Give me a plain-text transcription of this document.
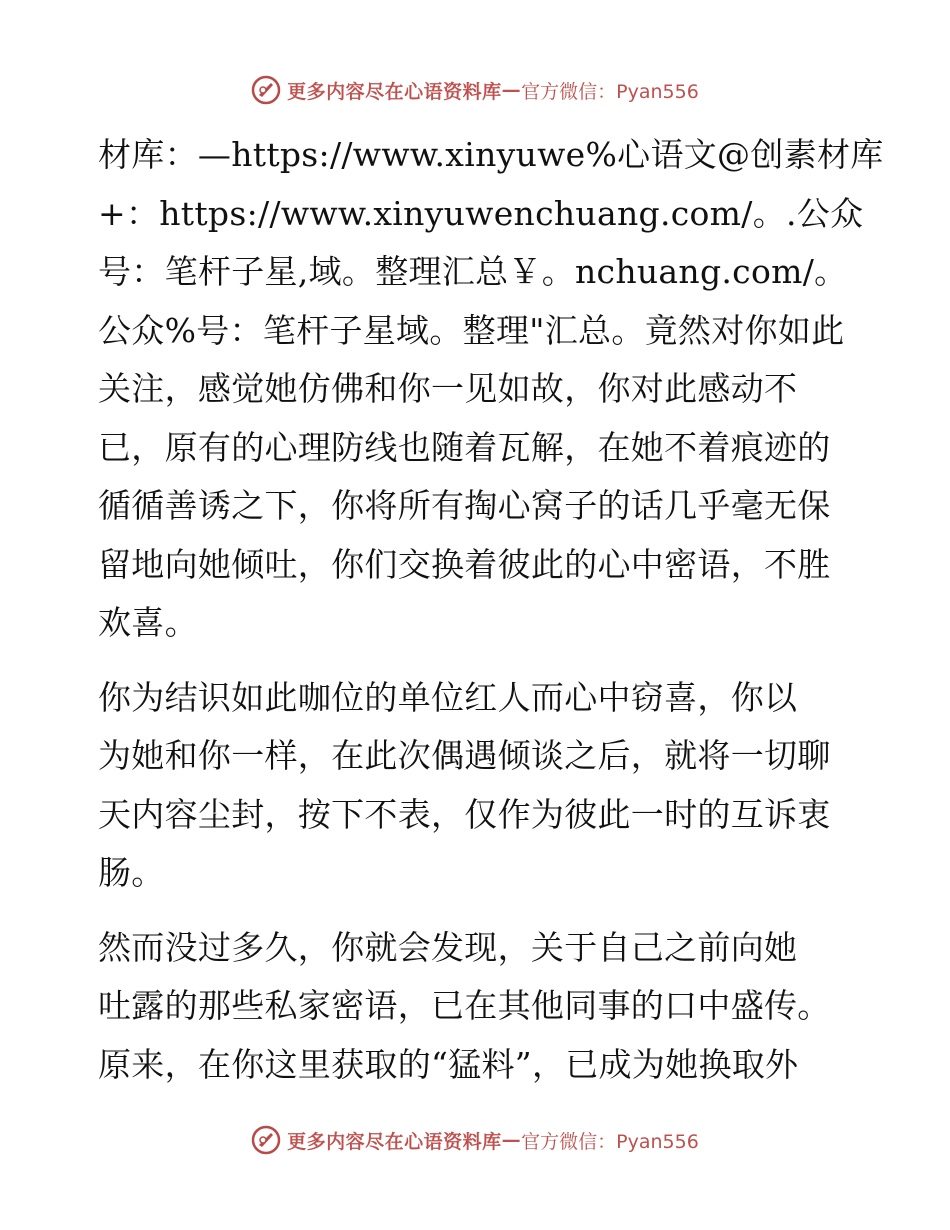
更多内容尽在心语资料库 — 官方微信：Pyan556

材库：—https://www.xinyuwe%心语文@创素材库
+：https://www.xinyuwenchuang.com/。.公众
号：笔杆子星,域。整理汇总￥。nchuang.com/。
公众%号：笔杆子星域。整理"汇总。竟然对你如此
关注，感觉她仿佛和你一见如故，你对此感动不
已，原有的心理防线也随着瓦解，在她不着痕迹的
循循善诱之下，你将所有掏心窝子的话几乎毫无保
留地向她倾吐，你们交换着彼此的心中密语，不胜
欢喜。

你为结识如此咖位的单位红人而心中窃喜，你以
为她和你一样，在此次偶遇倾谈之后，就将一切聊
天内容尘封，按下不表，仅作为彼此一时的互诉衷
肠。

然而没过多久，你就会发现，关于自己之前向她
吐露的那些私家密语，已在其他同事的口中盛传。
原来，在你这里获取的“猛料”，已成为她换取外

更多内容尽在心语资料库 — 官方微信：Pyan556
